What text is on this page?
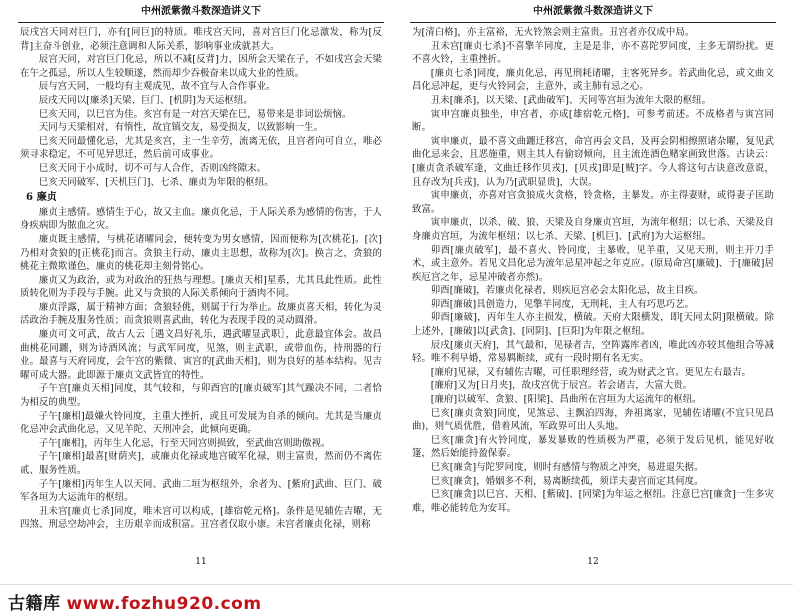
中州派紫微斗数深造讲义下

辰戌宫天同对巨门，亦有[同巨]的特质。唯戌宫天同，喜对宫巨门化忌激发，称为[反背]主奋斗创业，必须注意调和人际关系，影响事业成就甚大。

辰宫天同，对宫巨门化忌，所以不减[反背]力，因所会天梁在子，不如戌宫会天梁在午之孤忌，所以人生较顺遂，然而却少吞极奋来以成大业的性质。

辰与宫天同，一般均有主观成见，故不宜与人合作事业。

辰戌天同以[廉杀]天梁、巨门、[机阴]为天运枢纽。

巳亥天同，以巳宫为佳。亥宫有是一对宫天梁在巳，易带来是非词讼烦恼。

天同与天梁相对，有惰性，故宜镇交友，易受损友，以致影响一生。

巳亥天同最懂化忌，尤其是亥宫，主一生辛劳，流离无依，且宫者向可自立，唯必须寻求稳定，不可见异思迁，然后前可成事业。

巳亥天同于小成时，切不可与人合作，否则凶终隙末。

巳亥天同破军、[天机巨门]、七杀、廉贞为年限的枢纽。

6 廉贞

廉贞主感情。感情生于心，故又主血。廉贞化忌，于人际关系为感情的伤害，于人身疾病即为脓血之灾。

廉贞既主感情，与桃花诸曜同会，便转变为男女感情，因而便称为[次桃花]。[次]乃相对贪狼的[正桃花]而言。贪狼主行动，廉贞主思想，故称为[次]。换言之，贪狼的桃花主微欺谨色，廉贞的桃花却主刻骨铭心。

廉贞又为政治，或为对政治的狂热与理想。[廉贞天相]星系，尤其具此性质。此性质转化则为手段与手腕。此又与贪狼的人际关系倾向于酒肉不同。

廉贞浮露，属于精神方面；贪狼轻佻，则属于行为举止。故廉贞喜天相，转化为灵活政治手腕及服务性质；而贪狼则喜武曲，转化为表现手段的灵动圆滑。

廉贞可文可武，故古人云［遇文昌好礼乐，遇武曜显武职］，此意最宜体会。故昌曲桃花同躔，则为诗酒风流；与武军同度，见煞，则主武职，或带血伤，持刑器的行业。最喜与天府同度，会午宫的紫微、寅宫的[武曲天相]，则为良好的基本结构。见吉曜可成大器。此即源于廉贞文武皆宜的特性。

子午宫[廉贞天相]同度，其气较和，与卯酉宫的[廉贞破军]其气躁决不同，二者恰为相反的典型。

子午[廉相]最嫌火铃同度，主重大挫折，或且可发展为自杀的倾向。尤其是当廉贞化忌冲会武曲化忌，又见羊陀、天刑冲会，此倾向更确。

子午[廉相]，丙年生人化忌，行至天同宫则损致，至武曲宫则助傲视。

子午[廉相]最喜[财荫夹]，或廉贞化禄或地宫破军化禄，则主富贵，然而仍不离佐贰、服务性质。

子午[廉相]丙年生人以天同、武曲二垣为枢纽外，余者为、[紫府]武曲、巨门、破军各垣为大运流年的枢纽。

丑未宫[廉贞七杀]同度，唯未宫可以构成，[雄宿乾元格]。条件是见辅佐吉曜，无四煞、刑忌空劫冲会，主历艰辛而成积富。丑宫者仅取小康。未宫者廉贞化禄，则称

11
中州派紫微斗数深造讲义下

为[清白格]，亦主富裕，无火铃煞会则主富贵。丑宫者亦仅成中局。

丑未宫[廉贞七杀]不喜擎羊同度，主是是非，亦不喜陀罗同度，主多无谓纷扰。更不喜火铃，主重挫折。

[廉贞七杀]同度，廉贞化忌，再见刑耗诸曜，主客死异乡。若武曲化忌，或文曲文昌化忌冲起，更与火铃同会，主意外，或主肺有忌之心。

丑未[廉杀]，以天梁、[武曲破军]、天同等宫垣为流年大限的枢纽。

寅申宫廉贞独坐，申宫者，亦成[雄宿乾元格]，可参考前述。不成格者与寅宫同断。

寅申廉贞，最不喜文曲躔迁移宫，命宫再会文昌，及再会阴相擦照诸杂曜，复见武曲化忌来会，且恶施重，则主其人有偷窃倾向，且主流连酒色赌家画致世落。古诀云：[廉贞贪杀破军逢，文曲迁移作贝戎]，[贝戎]即是[贼]字。今人将这句古诀意改意说，且存改为[兵戎]，认为乃[武职显贵]，大误。

寅申廉贞，亦喜对宫贪狼成火贪格，铃贪格，主暴发。亦主得妻财，或得妻子匡助致富。

寅申廉贞，以杀、破、狼、天梁及自身廉贞宫垣，为流年枢纽；以七杀、天梁及自身廉贞宫垣，为流年枢纽；以七杀、天梁、[机巨]、[武府]为大运枢纽。

卯酉[廉贞破军]，最不喜火、铃同度，主暴败，见羊重，又见天刑，则主开刀手术，或主意外。若见文昌化忌为流年忌星冲起之年克应。(原局命宫[廉破]、于[廉破]居疾厄宫之年，忌星冲破者亦然)。

卯酉[廉破]，若廉贞化禄者，则疾厄宫必会太阳化忌，故主目疾。

卯酉[廉破]具创造力，见擎羊同度，无刑耗，主人有巧思巧艺。

卯酉[廉破]，丙年生人亦主损发，横破。天府大限横发，即[天同太阴]限横破。除上述外，[廉破]以[武贪]、[同阴]、[巨阳]为年限之枢纽。

辰戌[廉贞天府]，其气最和，见禄者吉，空阵露库者凶，唯此凶亦较其他组合等减轻。唯不利早婚，常易羁断续，或有一段时期有名无实。

[廉府]见禄，又有辅佐吉曜，可任职理经营，或为财武之官。更见左右最吉。

[廉府]又为[日月夹]，故戌宫优于辰宫。若会诸吉，大富大贵。

[廉府]以破军、贪狼、[阳梁]、昌曲所在宫垣为大运流年的枢纽。

巳亥[廉贞贪狼]同度，见煞忌、主飘泊四海，奔祖离家，见辅佐诸曜(不宜只见昌曲)，则气质优胜，借着风流，军政界可出人头地。

巳亥[廉贪]有火铃同度，暴发暴败的性质极为严重，必须于发后见机，能见好收篷，然后始能持盈保泰。

巳亥[廉贪]与陀罗同度，则时有感情与物质之冲突，易进退失据。

巳亥[廉贪]，婚姻多不利，易离断续孤，须详夫妻宫而定其何度。

巳亥[廉贪]以巳宫、天相、[紫破]、[同梁]为年运之枢纽。注意巳宫[廉贪]一生多灾难，唯必能转危为安耳。

12
古籍库 www.fozhu920.com
